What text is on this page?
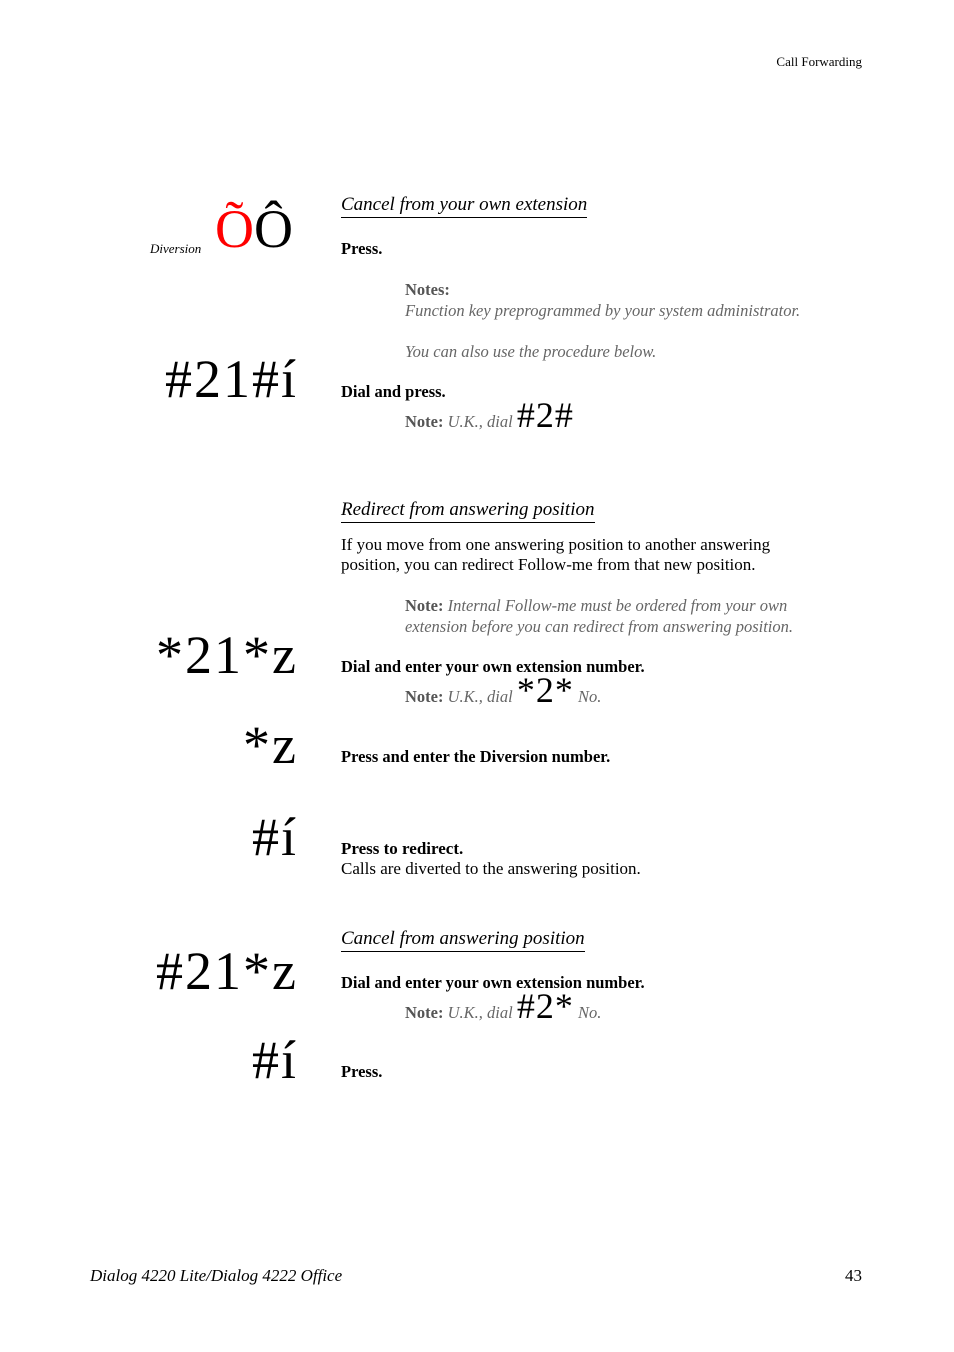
Call Forwarding
Cancel from your own extension
Diversion ÕÔ	Press.
Notes:
Function key preprogrammed by your system administrator.
You can also use the procedure below.
#21#í	Dial and press.
Note: U.K., dial #2#
Redirect from answering position
If you move from one answering position to another answering
position, you can redirect Follow-me from that new position.
Note: Internal Follow-me must be ordered from your own
extension before you can redirect from answering position.
*21*z	Dial and enter your own extension number.
Note: U.K., dial *2* No.
*z	Press and enter the Diversion number.
#í	Press to redirect.
Calls are diverted to the answering position.
Cancel from answering position
#21*z	Dial and enter your own extension number.
Note: U.K., dial #2* No.
#í	Press.
Dialog 4220 Lite/Dialog 4222 Office	43
